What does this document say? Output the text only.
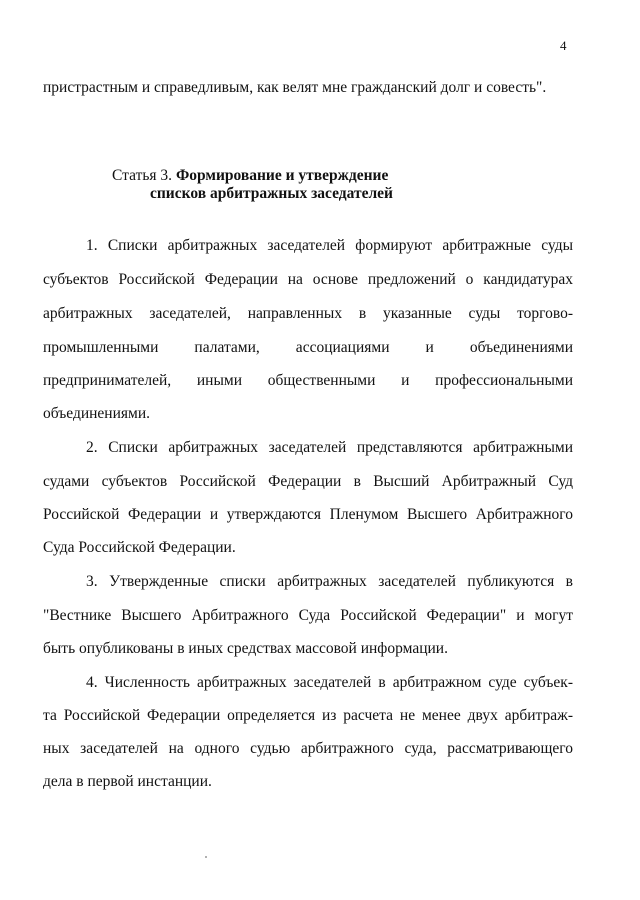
4
пристрастным и справедливым, как велят мне гражданский долг и совесть".
Статья 3. Формирование и утверждение
списков арбитражных заседателей
1. Списки арбитражных заседателей формируют арбитражные суды
субъектов Российской Федерации на основе предложений о кандидатурах
арбитражных заседателей, направленных в указанные суды торгово-
промышленными палатами, ассоциациями и объединениями
предпринимателей, иными общественными и профессиональными
объединениями.
2. Списки арбитражных заседателей представляются арбитражными
судами субъектов Российской Федерации в Высший Арбитражный Суд
Российской Федерации и утверждаются Пленумом Высшего Арбитражного
Суда Российской Федерации.
3. Утвержденные списки арбитражных заседателей публикуются в
"Вестнике Высшего Арбитражного Суда Российской Федерации" и могут
быть опубликованы в иных средствах массовой информации.
4. Численность арбитражных заседателей в арбитражном суде субъек-
та Российской Федерации определяется из расчета не менее двух арбитраж-
ных заседателей на одного судью арбитражного суда, рассматривающего
дела в первой инстанции.
